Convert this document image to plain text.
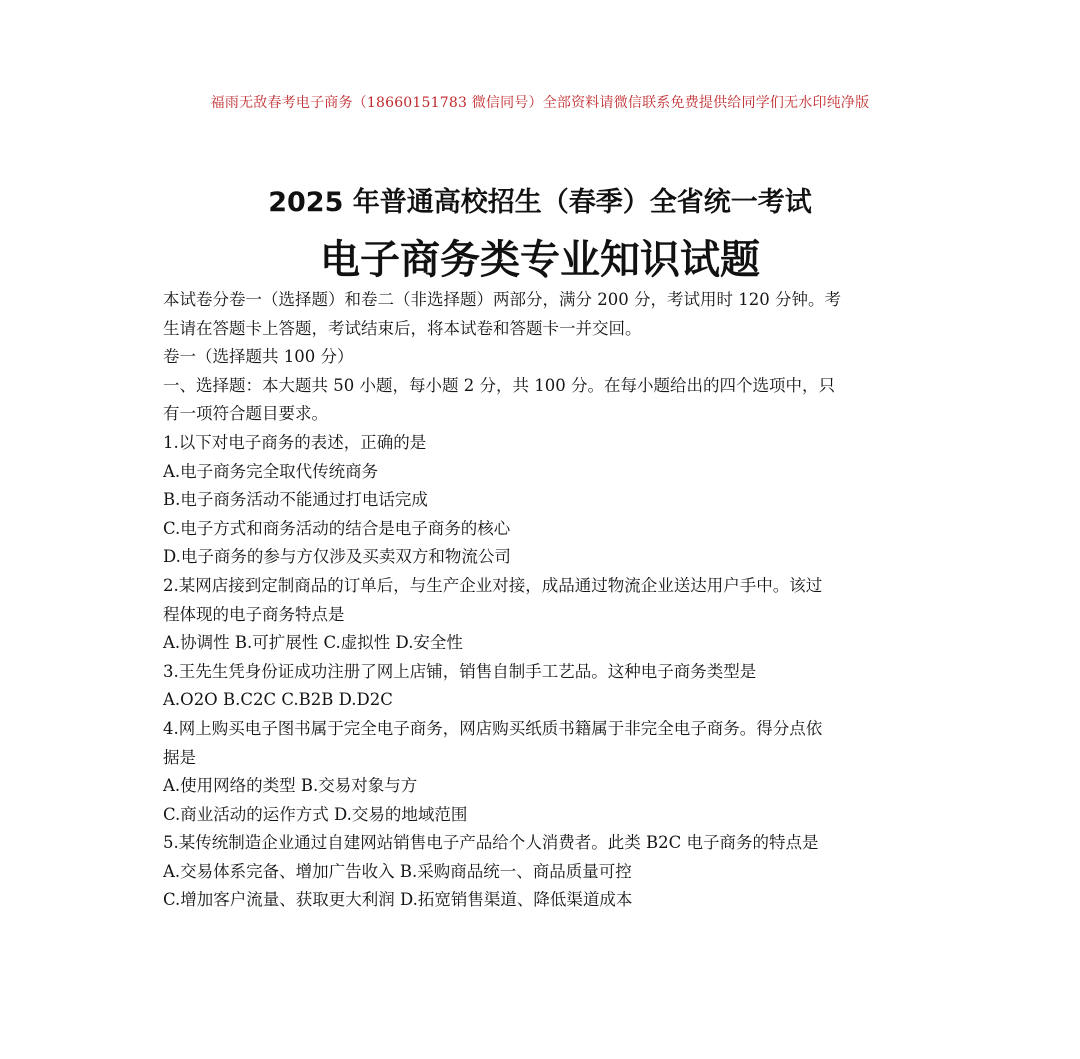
福雨无敌春考电子商务（18660151783 微信同号）全部资料请微信联系免费提供给同学们无水印纯净版
2025 年普通高校招生（春季）全省统一考试
电子商务类专业知识试题

本试卷分卷一（选择题）和卷二（非选择题）两部分，满分 200 分，考试用时 120 分钟。考

生请在答题卡上答题，考试结束后，将本试卷和答题卡一并交回。

卷一（选择题共 100 分）

一、选择题：本大题共 50 小题，每小题 2 分，共 100 分。在每小题给出的四个选项中，只

有一项符合题目要求。

1.以下对电子商务的表述，正确的是

A.电子商务完全取代传统商务

B.电子商务活动不能通过打电话完成

C.电子方式和商务活动的结合是电子商务的核心

D.电子商务的参与方仅涉及买卖双方和物流公司

2.某网店接到定制商品的订单后，与生产企业对接，成品通过物流企业送达用户手中。该过

程体现的电子商务特点是

A.协调性 B.可扩展性 C.虚拟性 D.安全性

3.王先生凭身份证成功注册了网上店铺，销售自制手工艺品。这种电子商务类型是

A.O2O B.C2C C.B2B D.D2C

4.网上购买电子图书属于完全电子商务，网店购买纸质书籍属于非完全电子商务。得分点依

据是

A.使用网络的类型 B.交易对象与方

C.商业活动的运作方式 D.交易的地域范围

5.某传统制造企业通过自建网站销售电子产品给个人消费者。此类 B2C 电子商务的特点是

A.交易体系完备、增加广告收入 B.采购商品统一、商品质量可控

C.增加客户流量、获取更大利润 D.拓宽销售渠道、降低渠道成本
